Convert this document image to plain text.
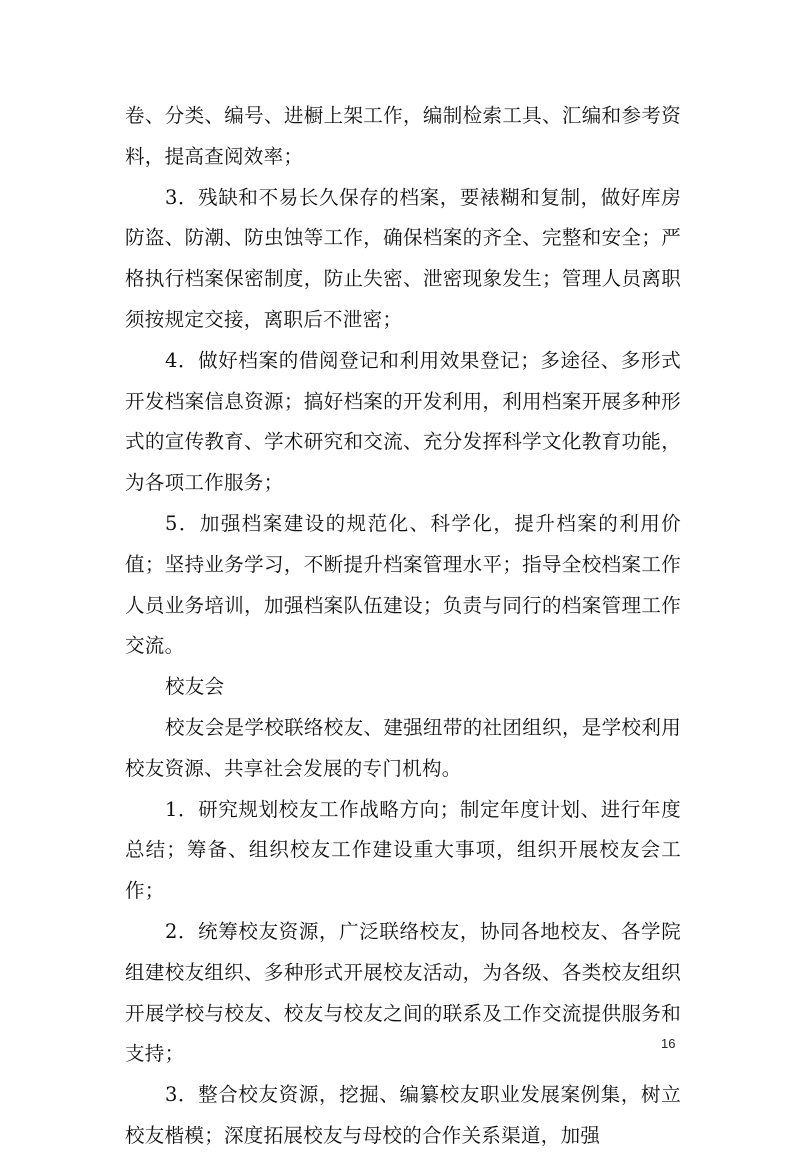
卷、分类、编号、进橱上架工作，编制检索工具、汇编和参考资料，提高查阅效率；

3．残缺和不易长久保存的档案，要裱糊和复制，做好库房防盗、防潮、防虫蚀等工作，确保档案的齐全、完整和安全；严格执行档案保密制度，防止失密、泄密现象发生；管理人员离职须按规定交接，离职后不泄密；

4．做好档案的借阅登记和利用效果登记；多途径、多形式开发档案信息资源；搞好档案的开发利用，利用档案开展多种形式的宣传教育、学术研究和交流、充分发挥科学文化教育功能，为各项工作服务；

5．加强档案建设的规范化、科学化，提升档案的利用价值；坚持业务学习，不断提升档案管理水平；指导全校档案工作人员业务培训，加强档案队伍建设；负责与同行的档案管理工作交流。

校友会

校友会是学校联络校友、建强纽带的社团组织，是学校利用校友资源、共享社会发展的专门机构。

1．研究规划校友工作战略方向；制定年度计划、进行年度总结；筹备、组织校友工作建设重大事项，组织开展校友会工作；

2．统筹校友资源，广泛联络校友，协同各地校友、各学院组建校友组织、多种形式开展校友活动，为各级、各类校友组织开展学校与校友、校友与校友之间的联系及工作交流提供服务和支持；

3．整合校友资源，挖掘、编纂校友职业发展案例集，树立校友楷模；深度拓展校友与母校的合作关系渠道，加强

16
